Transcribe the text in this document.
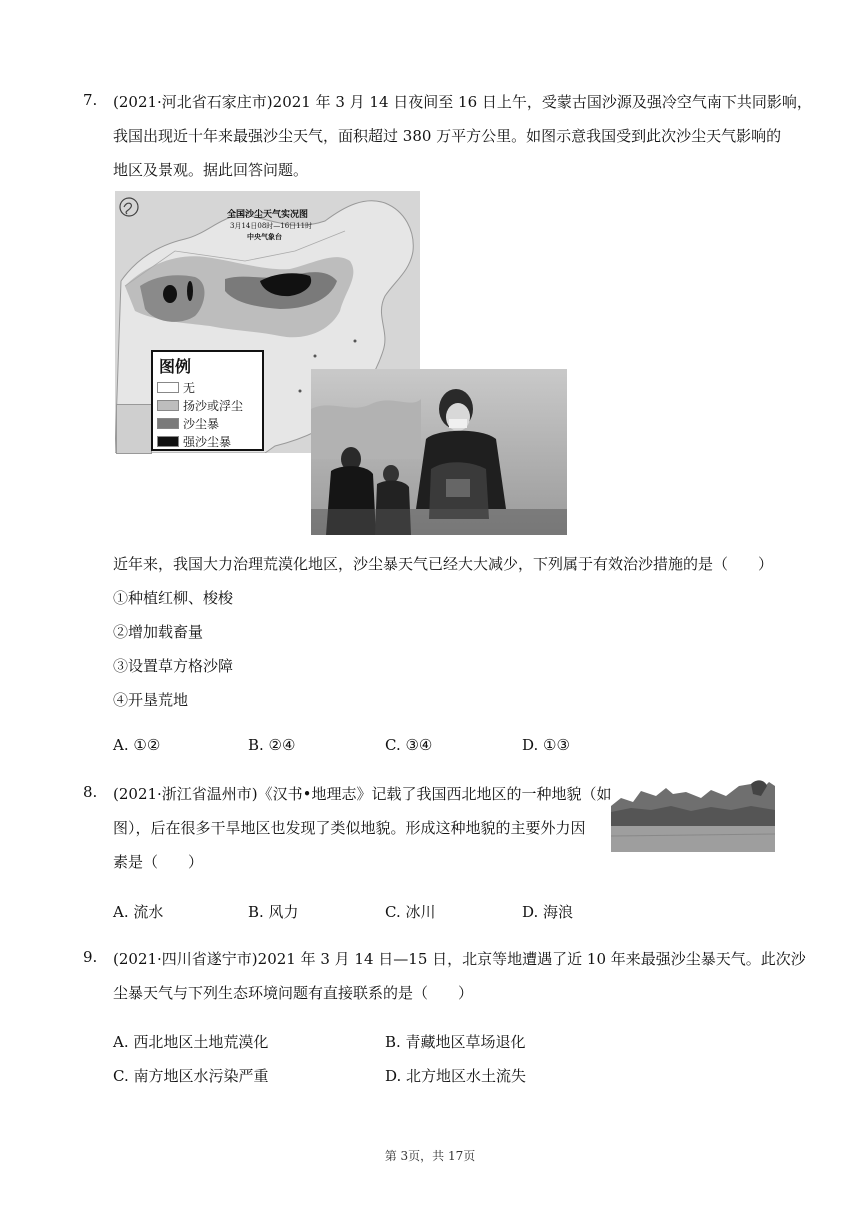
7. (2021·河北省石家庄市)2021 年 3 月 14 日夜间至 16 日上午，受蒙古国沙源及强冷空气南下共同影响，
我国出现近十年来最强沙尘天气，面积超过 380 万平方公里。如图示意我国受到此次沙尘天气影响的
地区及景观。据此回答问题。
全国沙尘天气实况图
3月14日08时—16日11时
中央气象台
图例
无
扬沙或浮尘
沙尘暴
强沙尘暴
近年来，我国大力治理荒漠化地区，沙尘暴天气已经大大减少，下列属于有效治沙措施的是（　　）
①种植红柳、梭梭
②增加载畜量
③设置草方格沙障
④开垦荒地
A. ①②	B. ②④	C. ③④	D. ①③
8. (2021·浙江省温州市)《汉书•地理志》记载了我国西北地区的一种地貌（如
图），后在很多干旱地区也发现了类似地貌。形成这种地貌的主要外力因
素是（　　）
A. 流水	B. 风力	C. 冰川	D. 海浪
9. (2021·四川省遂宁市)2021 年 3 月 14 日—15 日，北京等地遭遇了近 10 年来最强沙尘暴天气。此次沙
尘暴天气与下列生态环境问题有直接联系的是（　　）
A. 西北地区土地荒漠化	B. 青藏地区草场退化
C. 南方地区水污染严重	D. 北方地区水土流失
第 3页，共 17页
